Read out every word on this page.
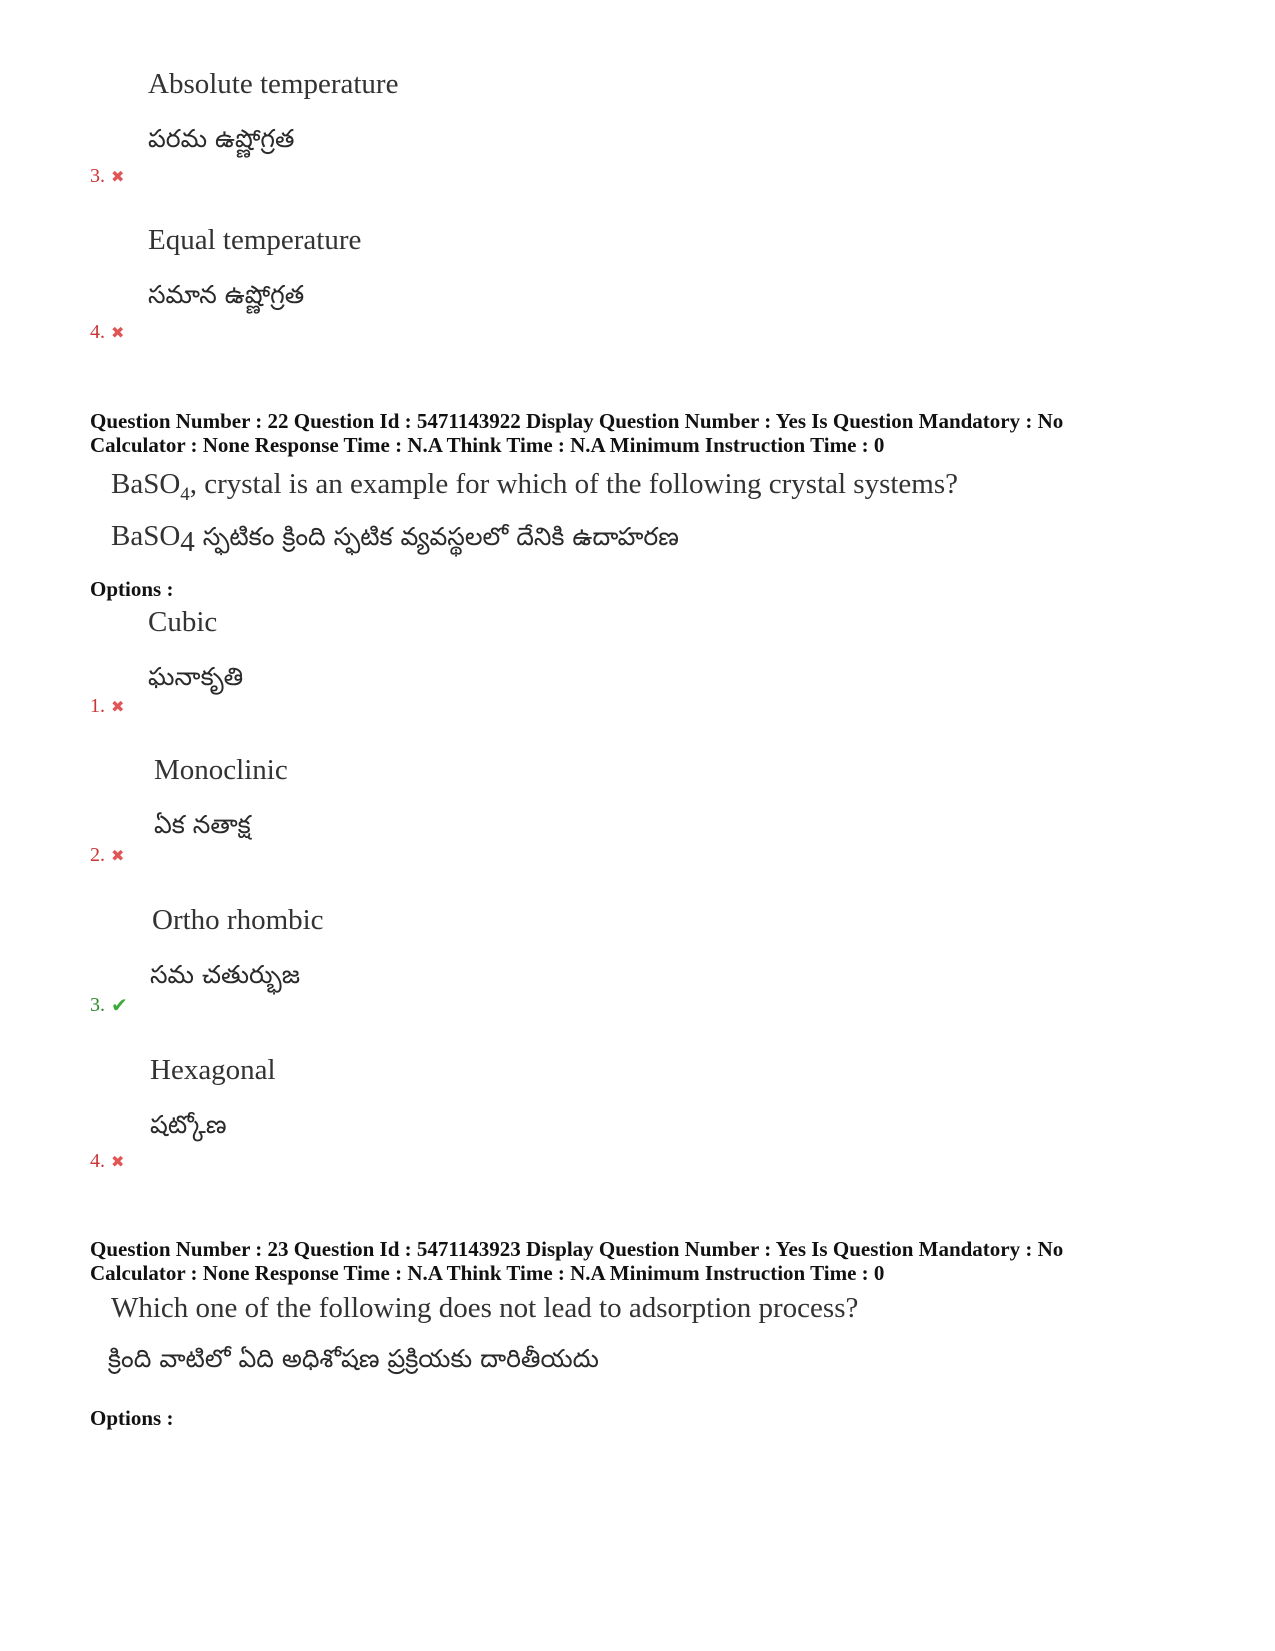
Absolute temperature
పరమ ఉష్ణోగ్రత
3. ✖
Equal temperature
సమాన ఉష్ణోగ్రత
4. ✖
Question Number : 22 Question Id : 5471143922 Display Question Number : Yes Is Question Mandatory : No
Calculator : None Response Time : N.A Think Time : N.A Minimum Instruction Time : 0
BaSO$_4$, crystal is an example for which of the following crystal systems?
BaSO$_4$ స్ఫటికం క్రింది స్ఫటిక వ్యవస్థలలో దేనికి ఉదాహరణ
Options :
Cubic
ఘనాకృతి
1. ✖
Monoclinic
ఏక నతాక్ష
2. ✖
Ortho rhombic
సమ చతుర్భుజ
3. ✔
Hexagonal
షట్కోణ
4. ✖
Question Number : 23 Question Id : 5471143923 Display Question Number : Yes Is Question Mandatory : No
Calculator : None Response Time : N.A Think Time : N.A Minimum Instruction Time : 0
Which one of the following does not lead to adsorption process?
క్రింది వాటిలో ఏది అధిశోషణ ప్రక్రియకు దారితీయదు
Options :
